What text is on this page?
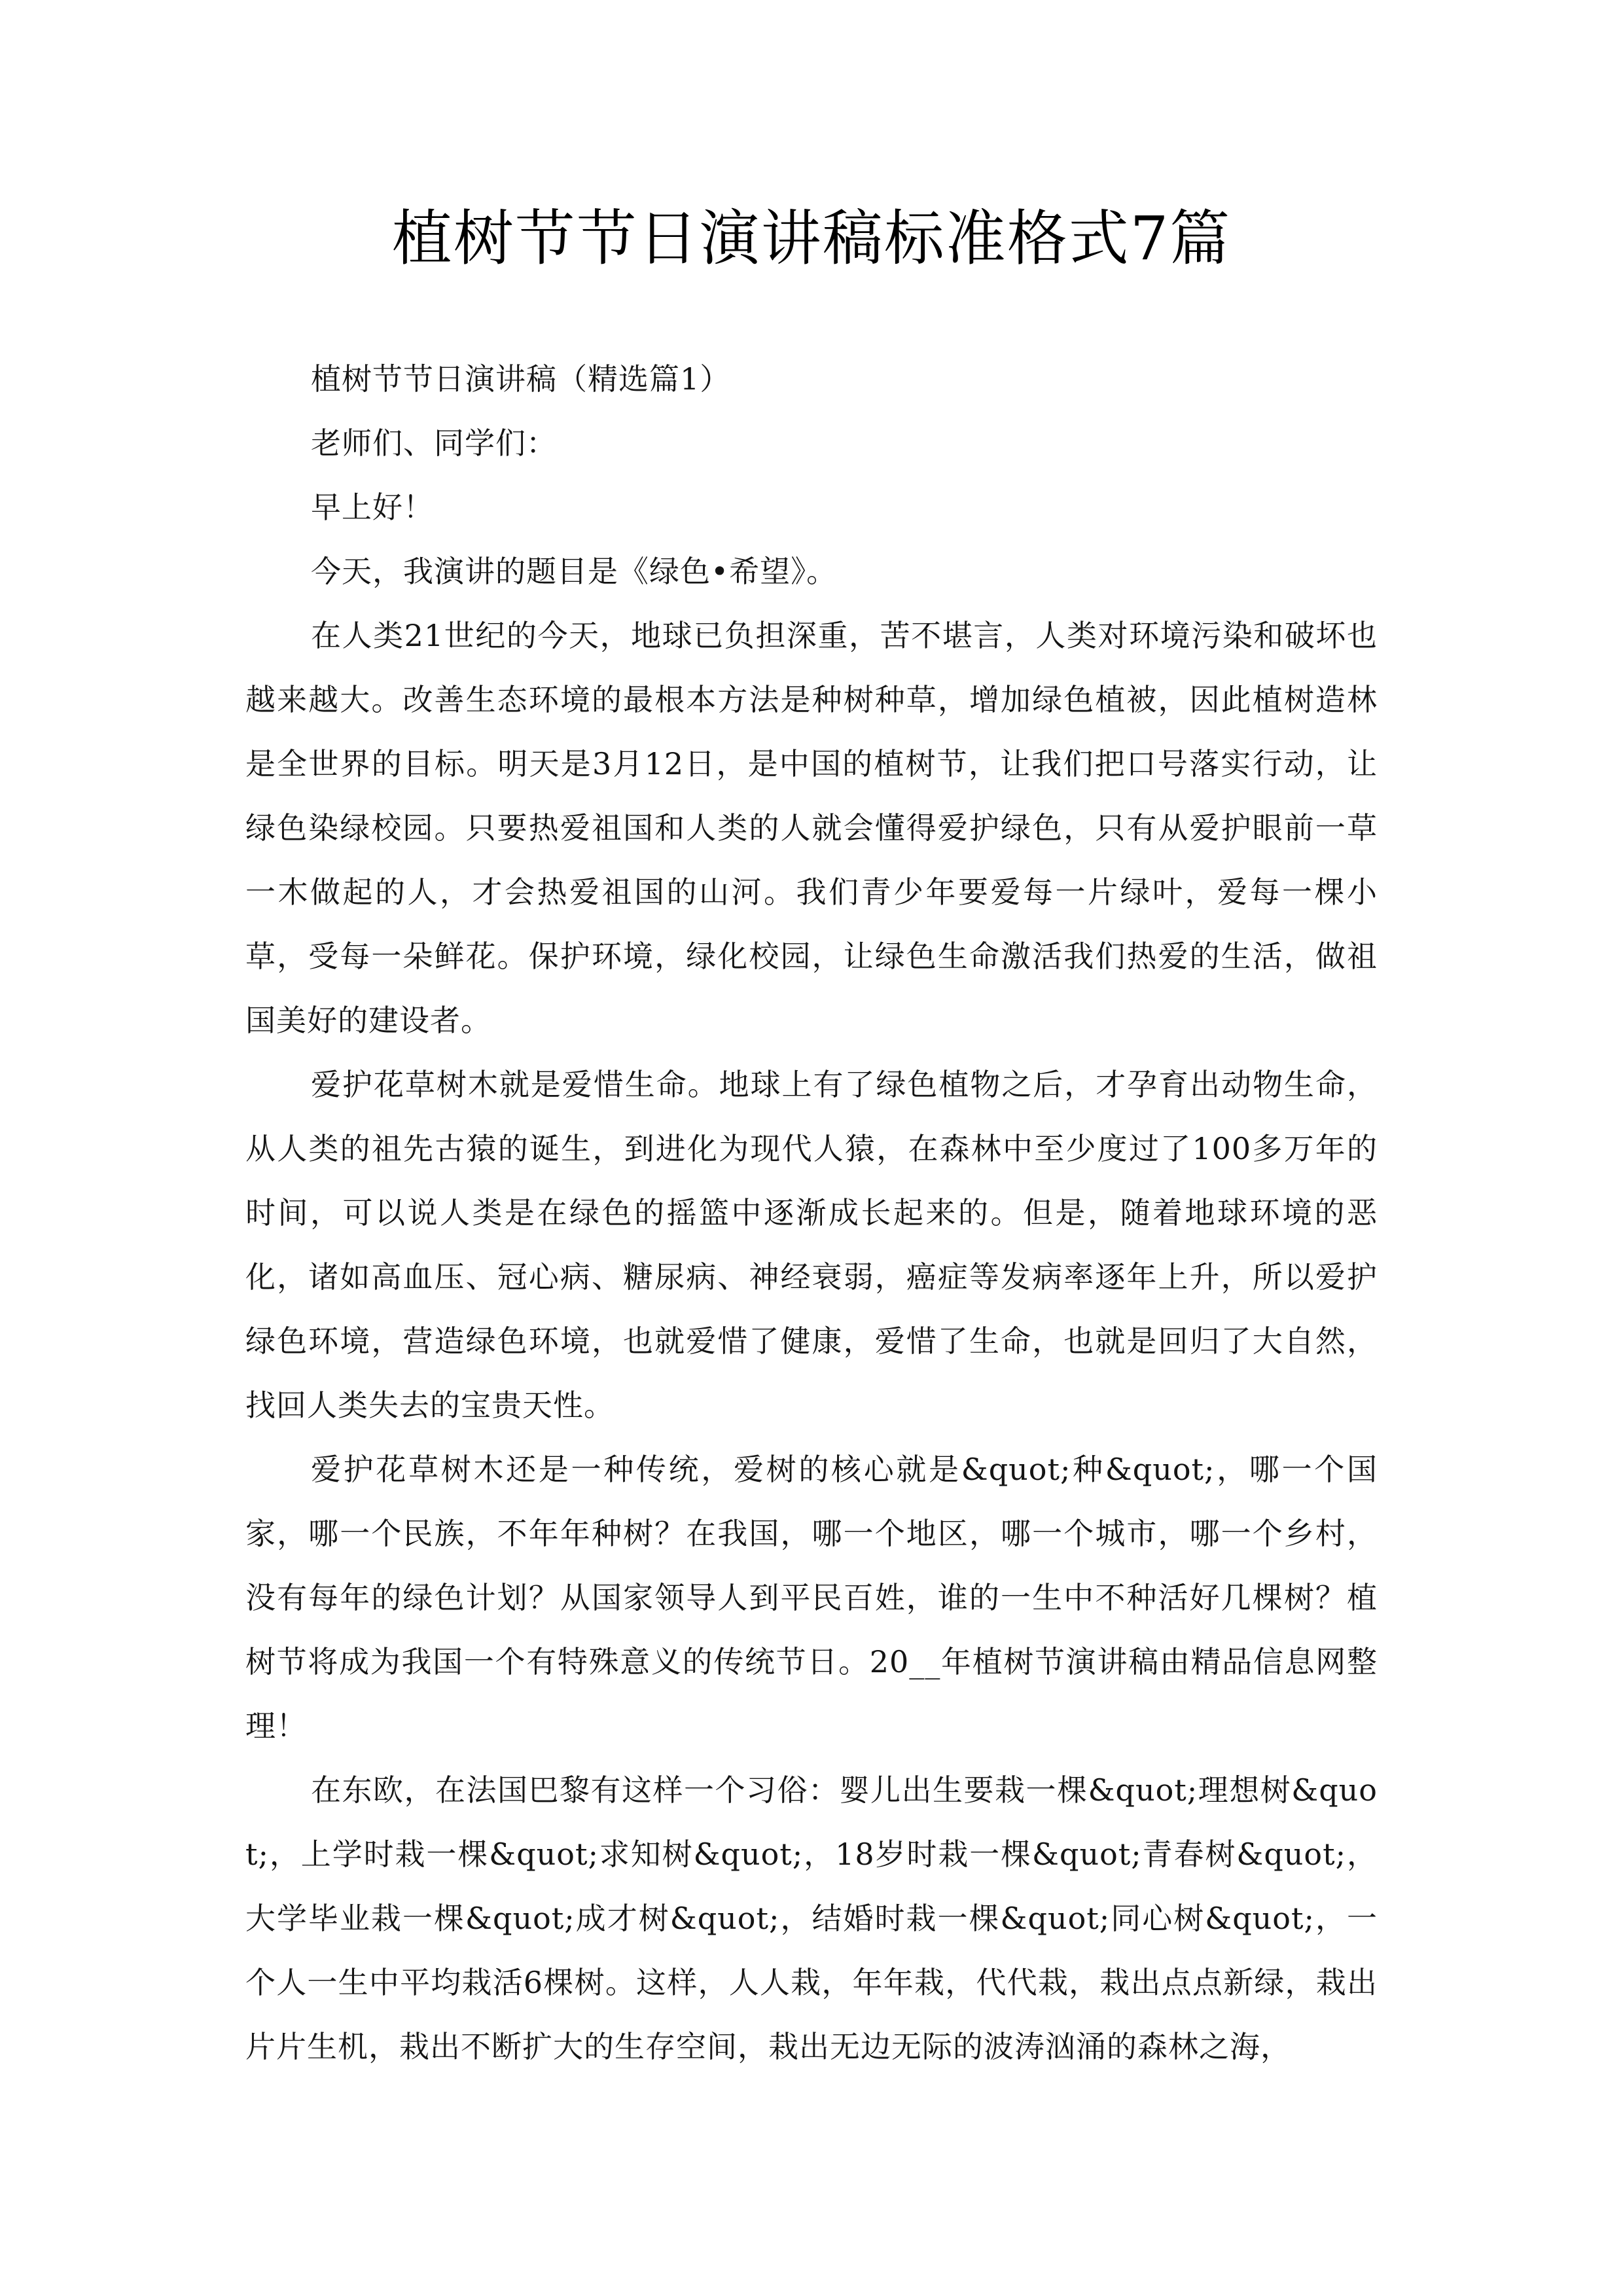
植树节节日演讲稿标准格式7篇

植树节节日演讲稿（精选篇1）

老师们、同学们：

早上好！

今天，我演讲的题目是《绿色•希望》。

在人类21世纪的今天，地球已负担深重，苦不堪言，人类对环境污染和破坏也越来越大。改善生态环境的最根本方法是种树种草，增加绿色植被，因此植树造林是全世界的目标。明天是3月12日，是中国的植树节，让我们把口号落实行动，让绿色染绿校园。只要热爱祖国和人类的人就会懂得爱护绿色，只有从爱护眼前一草一木做起的人，才会热爱祖国的山河。我们青少年要爱每一片绿叶，爱每一棵小草，受每一朵鲜花。保护环境，绿化校园，让绿色生命激活我们热爱的生活，做祖国美好的建设者。

爱护花草树木就是爱惜生命。地球上有了绿色植物之后，才孕育出动物生命，从人类的祖先古猿的诞生，到进化为现代人猿，在森林中至少度过了100多万年的时间，可以说人类是在绿色的摇篮中逐渐成长起来的。但是，随着地球环境的恶化，诸如高血压、冠心病、糖尿病、神经衰弱，癌症等发病率逐年上升，所以爱护绿色环境，营造绿色环境，也就爱惜了健康，爱惜了生命，也就是回归了大自然，找回人类失去的宝贵天性。

爱护花草树木还是一种传统，爱树的核心就是&quot;种&quot;，哪一个国家，哪一个民族，不年年种树？在我国，哪一个地区，哪一个城市，哪一个乡村，没有每年的绿色计划？从国家领导人到平民百姓，谁的一生中不种活好几棵树？植树节将成为我国一个有特殊意义的传统节日。20__年植树节演讲稿由精品信息网整理！

在东欧，在法国巴黎有这样一个习俗：婴儿出生要栽一棵&quot;理想树&quot;，上学时栽一棵&quot;求知树&quot;，18岁时栽一棵&quot;青春树&quot;，大学毕业栽一棵&quot;成才树&quot;，结婚时栽一棵&quot;同心树&quot;，一个人一生中平均栽活6棵树。这样，人人栽，年年栽，代代栽，栽出点点新绿，栽出片片生机，栽出不断扩大的生存空间，栽出无边无际的波涛汹涌的森林之海，
